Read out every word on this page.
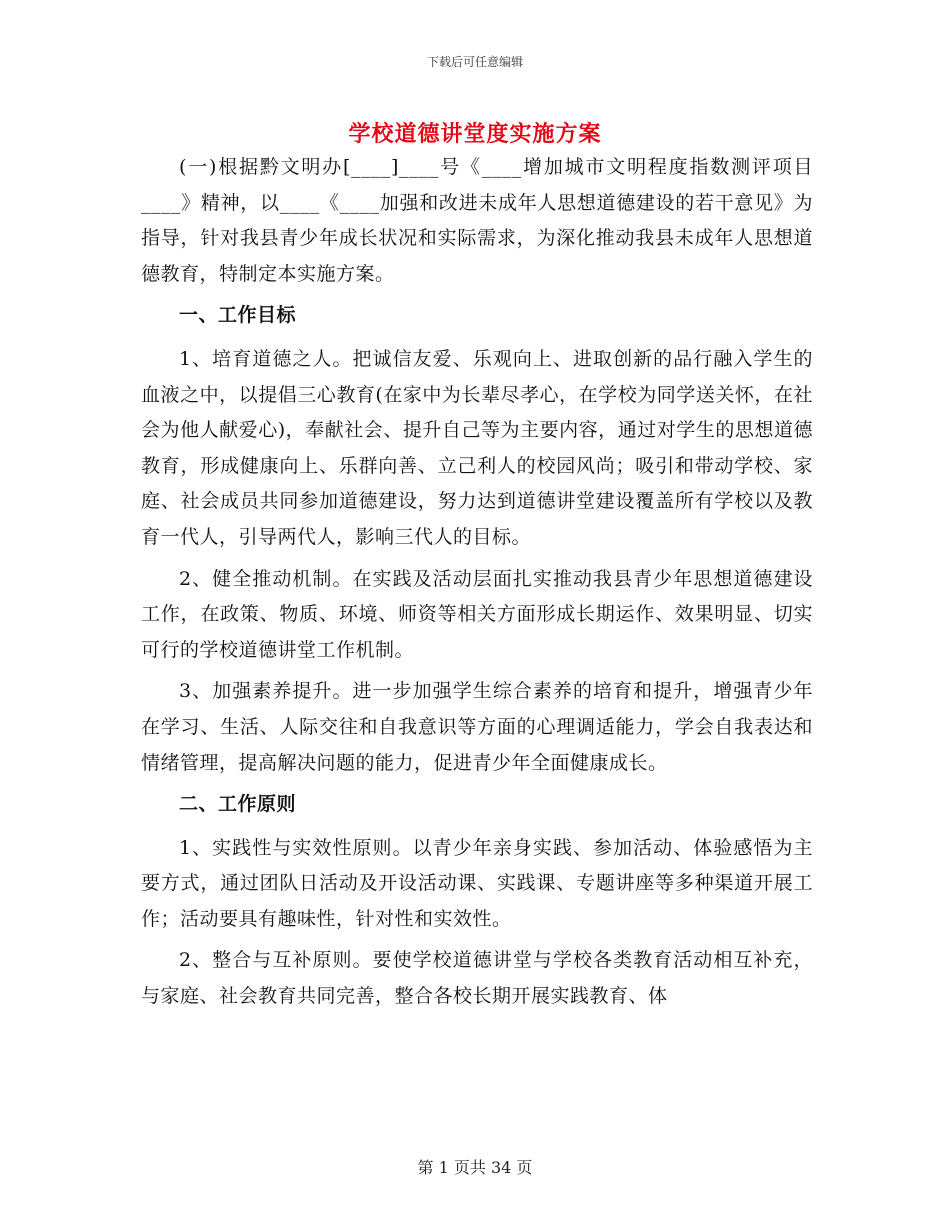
下载后可任意编辑
学校道德讲堂度实施方案

(一)根据黔文明办[____]____号《____增加城市文明程度指数测评项目____》精神，以____《____加强和改进未成年人思想道德建设的若干意见》为指导，针对我县青少年成长状况和实际需求，为深化推动我县未成年人思想道德教育，特制定本实施方案。

一、工作目标

1、培育道德之人。把诚信友爱、乐观向上、进取创新的品行融入学生的血液之中，以提倡三心教育(在家中为长辈尽孝心，在学校为同学送关怀，在社会为他人献爱心)，奉献社会、提升自己等为主要内容，通过对学生的思想道德教育，形成健康向上、乐群向善、立己利人的校园风尚；吸引和带动学校、家庭、社会成员共同参加道德建设，努力达到道德讲堂建设覆盖所有学校以及教育一代人，引导两代人，影响三代人的目标。

2、健全推动机制。在实践及活动层面扎实推动我县青少年思想道德建设工作，在政策、物质、环境、师资等相关方面形成长期运作、效果明显、切实可行的学校道德讲堂工作机制。

3、加强素养提升。进一步加强学生综合素养的培育和提升，增强青少年在学习、生活、人际交往和自我意识等方面的心理调适能力，学会自我表达和情绪管理，提高解决问题的能力，促进青少年全面健康成长。

二、工作原则

1、实践性与实效性原则。以青少年亲身实践、参加活动、体验感悟为主要方式，通过团队日活动及开设活动课、实践课、专题讲座等多种渠道开展工作；活动要具有趣味性，针对性和实效性。

2、整合与互补原则。要使学校道德讲堂与学校各类教育活动相互补充，与家庭、社会教育共同完善，整合各校长期开展实践教育、体

第 1 页共 34 页
